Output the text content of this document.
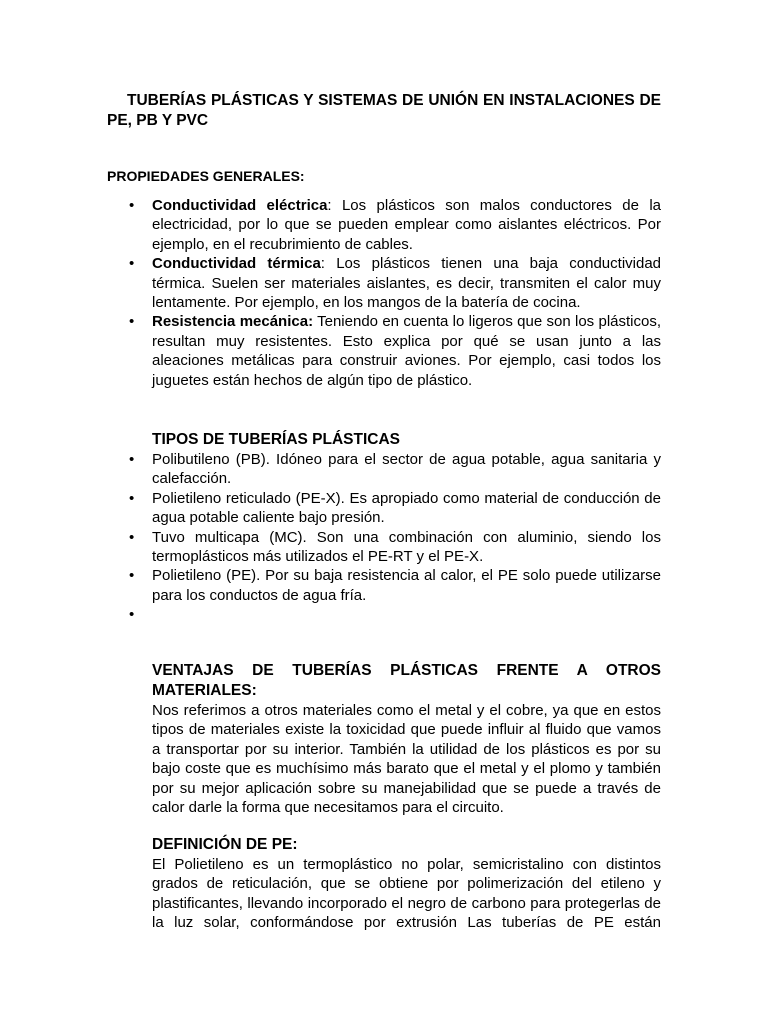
TUBERÍAS PLÁSTICAS Y SISTEMAS DE UNIÓN EN INSTALACIONES DE PE, PB Y PVC
PROPIEDADES GENERALES:
• Conductividad eléctrica: Los plásticos son malos conductores de la electricidad, por lo que se pueden emplear como aislantes eléctricos. Por ejemplo, en el recubrimiento de cables.
• Conductividad térmica: Los plásticos tienen una baja conductividad térmica. Suelen ser materiales aislantes, es decir, transmiten el calor muy lentamente. Por ejemplo, en los mangos de la batería de cocina.
• Resistencia mecánica: Teniendo en cuenta lo ligeros que son los plásticos, resultan muy resistentes. Esto explica por qué se usan junto a las aleaciones metálicas para construir aviones. Por ejemplo, casi todos los juguetes están hechos de algún tipo de plástico.
TIPOS DE TUBERÍAS PLÁSTICAS
• Polibutileno (PB). Idóneo para el sector de agua potable, agua sanitaria y calefacción.
• Polietileno reticulado (PE-X). Es apropiado como material de conducción de agua potable caliente bajo presión.
• Tuvo multicapa (MC). Son una combinación con aluminio, siendo los termoplásticos más utilizados el PE-RT y el PE-X.
• Polietileno (PE). Por su baja resistencia al calor, el PE solo puede utilizarse para los conductos de agua fría.
•
VENTAJAS DE TUBERÍAS PLÁSTICAS FRENTE A OTROS MATERIALES:
Nos referimos a otros materiales como el metal y el cobre, ya que en estos tipos de materiales existe la toxicidad que puede influir al fluido que vamos a transportar por su interior. También la utilidad de los plásticos es por su bajo coste que es muchísimo más barato que el metal y el plomo y también por su mejor aplicación sobre su manejabilidad que se puede a través de calor darle la forma que necesitamos para el circuito.
DEFINICIÓN DE PE:
El Polietileno es un termoplástico no polar, semicristalino con distintos grados de reticulación, que se obtiene por polimerización del etileno y plastificantes, llevando incorporado el negro de carbono para protegerlas de la luz solar, conformándose por extrusión Las tuberías de PE están
